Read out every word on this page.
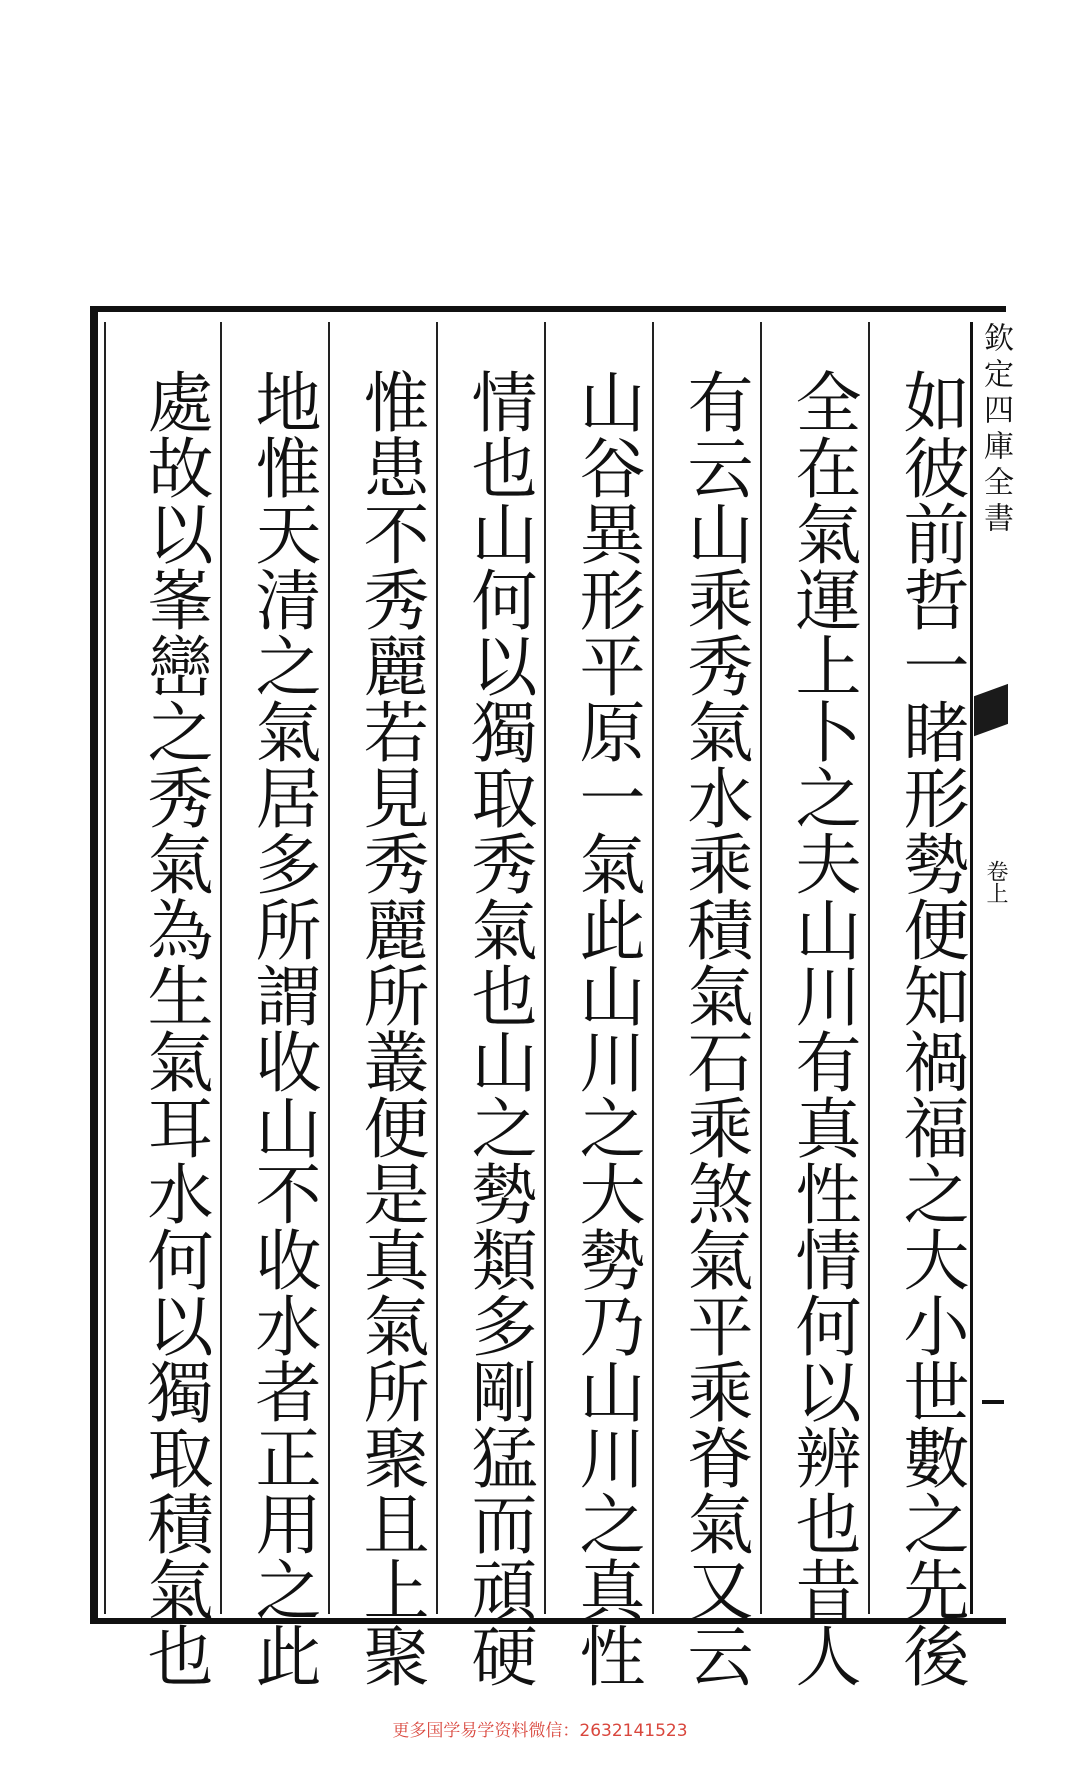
欽定四庫全書
卷上
如彼前哲一睹形勢便知禍福之大小世數之先後
全在氣運上卜之夫山川有真性情何以辨也昔人
有云山乘秀氣水乘積氣石乘煞氣平乘脊氣又云
山谷異形平原一氣此山川之大勢乃山川之真性
情也山何以獨取秀氣也山之勢類多剛猛而頑硬
惟患不秀麗若見秀麗所叢便是真氣所聚且上聚
地惟天清之氣居多所謂收山不收水者正用之此
處故以峯巒之秀氣為生氣耳水何以獨取積氣也
更多国学易学资料微信：2632141523
